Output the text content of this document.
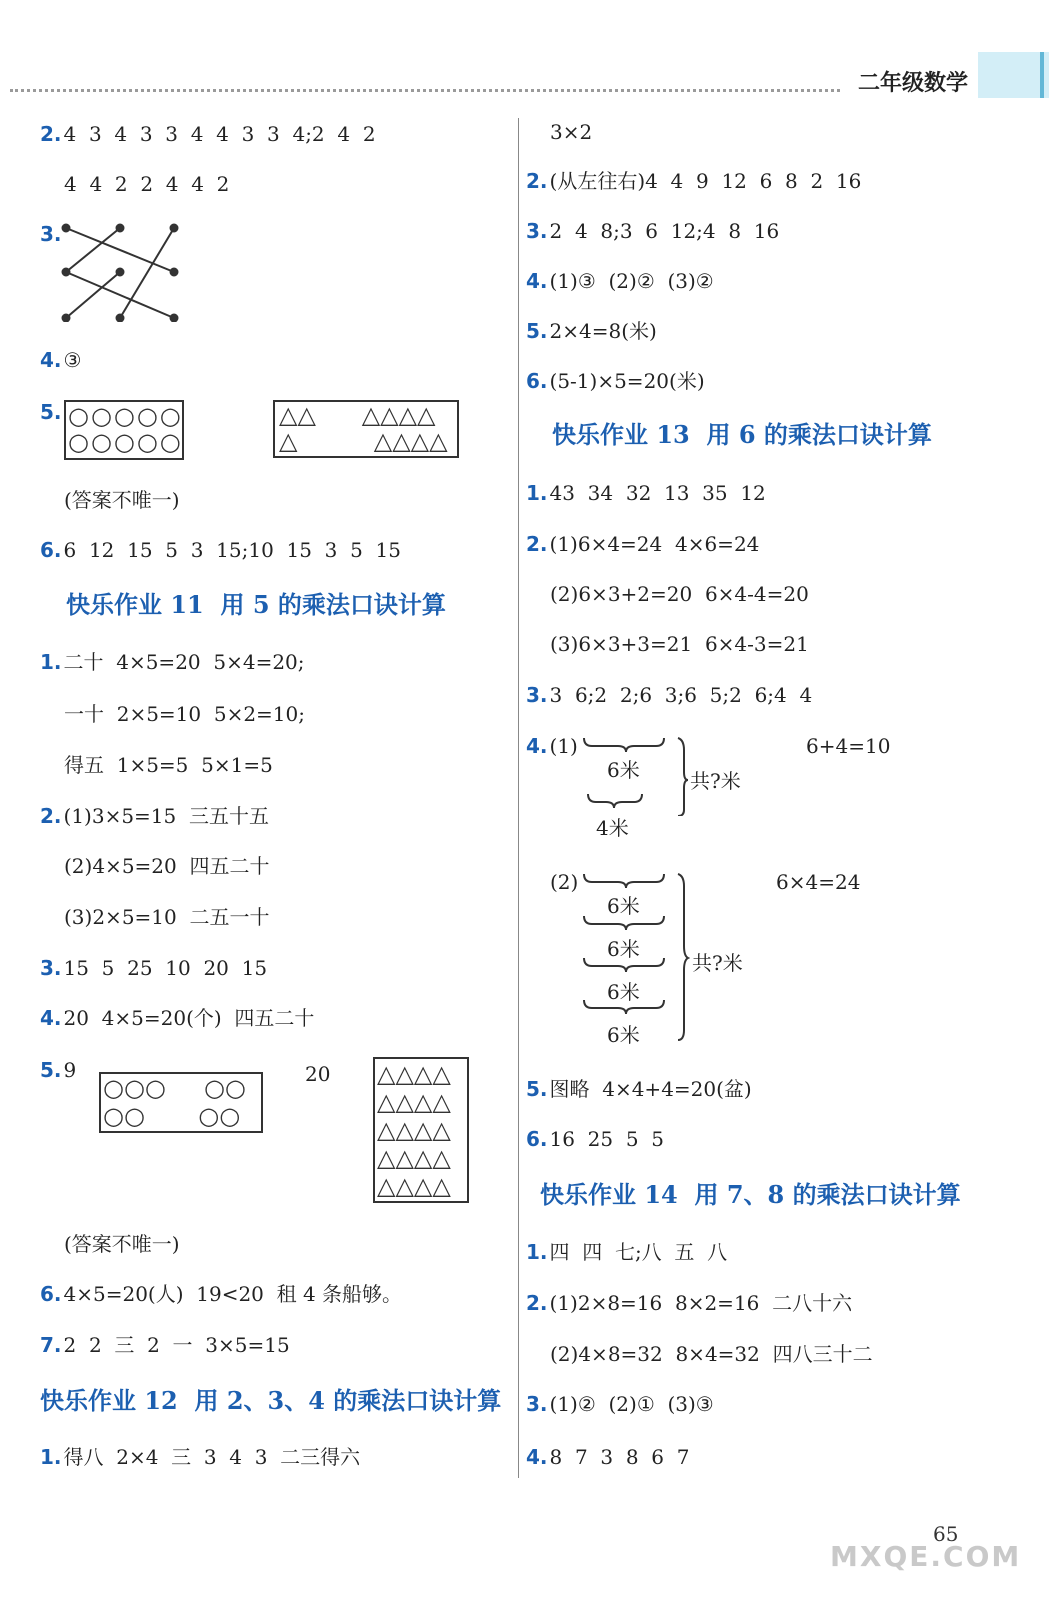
二年级数学
2. 4  3  4  3  3  4  4  3  3  4;2  4  2
4  4  2  2  4  4  2
3.
4. ③
5. ○○○○○
○○○○○
△△      △△△△
△          △△△△
(答案不唯一)
6. 6  12  15  5  3  15;10  15  3  5  15
快乐作业 11  用 5 的乘法口诀计算
1. 二十  4×5=20  5×4=20;
一十  2×5=10  5×2=10;
得五  1×5=5  5×1=5
2. (1)3×5=15  三五十五
(2)4×5=20  四五二十
(3)2×5=10  二五一十
3. 15  5  25  10  20  15
4. 20  4×5=20(个)  四五二十
5. 9
○○○     ○○
○○       ○○
20 △△△△
△△△△
△△△△
△△△△
△△△△
(答案不唯一)
6. 4×5=20(人)  19<20  租 4 条船够。
7. 2  2  三  2  一  3×5=15
快乐作业 12  用 2、3、4 的乘法口诀计算
1. 得八  2×4  三  3  4  3  二三得六
3×2
2. (从左往右)4  4  9  12  6  8  2  16
3. 2  4  8;3  6  12;4  8  16
4. (1)③  (2)②  (3)②
5. 2×4=8(米)
6. (5-1)×5=20(米)
快乐作业 13  用 6 的乘法口诀计算
1. 43  34  32  13  35  12
2. (1)6×4=24  4×6=24
(2)6×3+2=20  6×4-4=20
(3)6×3+3=21  6×4-3=21
3. 3  6;2  2;6  3;6  5;2  6;4  4
4. (1)	6+4=10
6米
4米
共?米
(2)	6×4=24
6米
6米
6米
6米
共?米
5. 图略  4×4+4=20(盆)
6. 16  25  5  5
快乐作业 14  用 7、8 的乘法口诀计算
1. 四  四  七;八  五  八
2. (1)2×8=16  8×2=16  二八十六
(2)4×8=32  8×4=32  四八三十二
3. (1)②  (2)①  (3)③
4. 8  7  3  8  6  7
65
MXQE.COM
